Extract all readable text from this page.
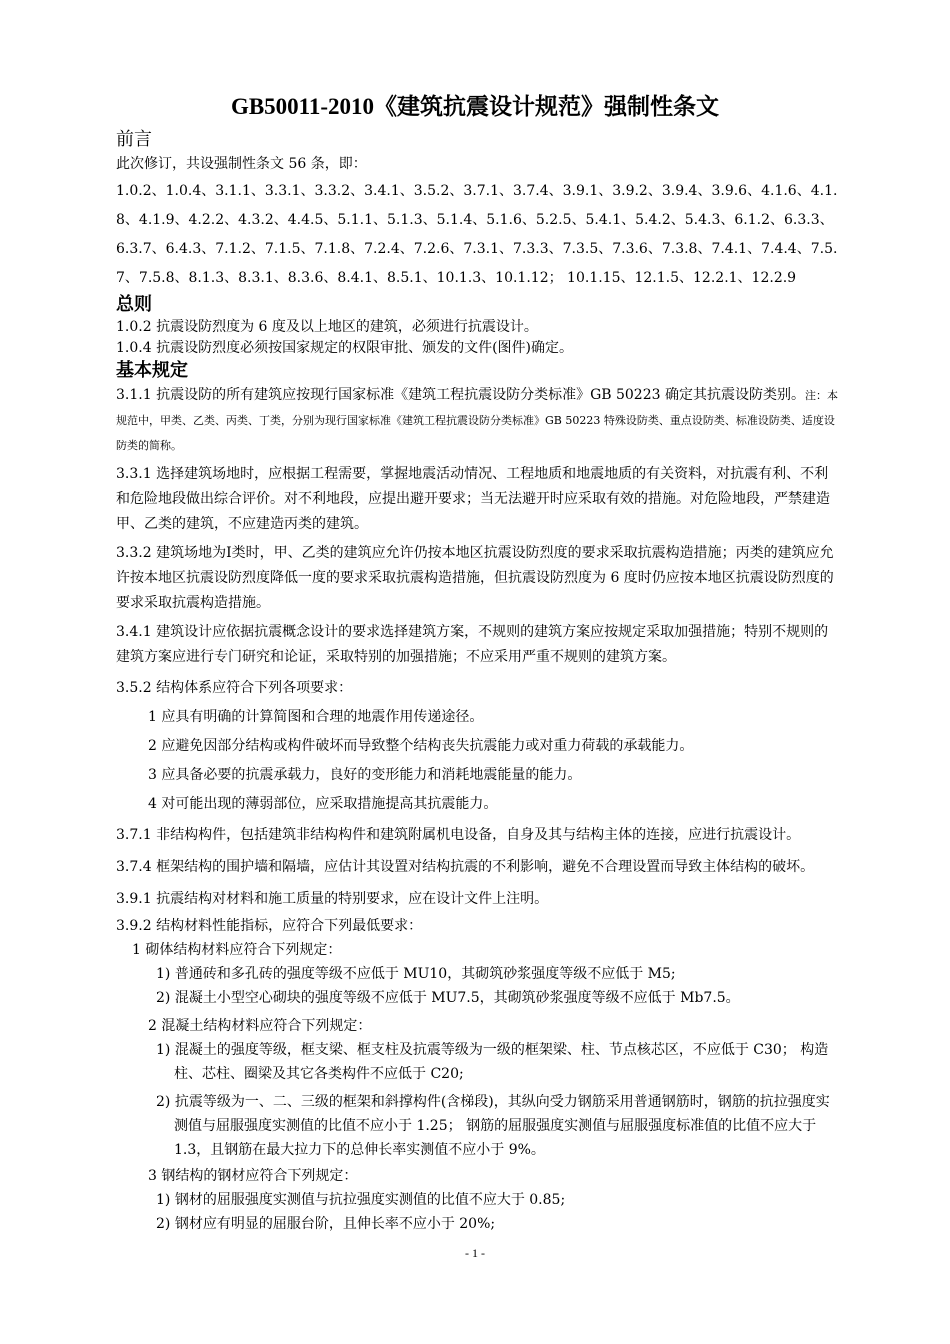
GB50011-2010《建筑抗震设计规范》强制性条文
前言

此次修订，共设强制性条文 56 条，即：

1.0.2、1.0.4、3.1.1、3.3.1、3.3.2、3.4.1、3.5.2、3.7.1、3.7.4、3.9.1、3.9.2、3.9.4、3.9.6、4.1.6、4.1.8、4.1.9、4.2.2、4.3.2、4.4.5、5.1.1、5.1.3、5.1.4、5.1.6、5.2.5、5.4.1、5.4.2、5.4.3、6.1.2、6.3.3、6.3.7、6.4.3、7.1.2、7.1.5、7.1.8、7.2.4、7.2.6、7.3.1、7.3.3、7.3.5、7.3.6、7.3.8、7.4.1、7.4.4、7.5.7、7.5.8、8.1.3、8.3.1、8.3.6、8.4.1、8.5.1、10.1.3、10.1.12； 10.1.15、12.1.5、12.2.1、12.2.9

总则

1.0.2 抗震设防烈度为 6 度及以上地区的建筑，必须进行抗震设计。

1.0.4 抗震设防烈度必须按国家规定的权限审批、颁发的文件(图件)确定。

基本规定

3.1.1 抗震设防的所有建筑应按现行国家标准《建筑工程抗震设防分类标准》GB 50223 确定其抗震设防类别。注：本规范中，甲类、乙类、丙类、丁类，分别为现行国家标准《建筑工程抗震设防分类标准》GB 50223 特殊设防类、重点设防类、标准设防类、适度设防类的简称。

3.3.1 选择建筑场地时，应根据工程需要，掌握地震活动情况、工程地质和地震地质的有关资料，对抗震有利、不利和危险地段做出综合评价。对不利地段，应提出避开要求；当无法避开时应采取有效的措施。对危险地段，严禁建造甲、乙类的建筑，不应建造丙类的建筑。

3.3.2 建筑场地为Ⅰ类时，甲、乙类的建筑应允许仍按本地区抗震设防烈度的要求采取抗震构造措施；丙类的建筑应允许按本地区抗震设防烈度降低一度的要求采取抗震构造措施，但抗震设防烈度为 6 度时仍应按本地区抗震设防烈度的要求采取抗震构造措施。

3.4.1 建筑设计应依据抗震概念设计的要求选择建筑方案，不规则的建筑方案应按规定采取加强措施；特别不规则的建筑方案应进行专门研究和论证，采取特别的加强措施；不应采用严重不规则的建筑方案。

3.5.2 结构体系应符合下列各项要求：

1 应具有明确的计算简图和合理的地震作用传递途径。

2 应避免因部分结构或构件破坏而导致整个结构丧失抗震能力或对重力荷载的承载能力。

3 应具备必要的抗震承载力，良好的变形能力和消耗地震能量的能力。

4 对可能出现的薄弱部位，应采取措施提高其抗震能力。

3.7.1 非结构构件，包括建筑非结构构件和建筑附属机电设备，自身及其与结构主体的连接，应进行抗震设计。

3.7.4 框架结构的围护墙和隔墙，应估计其设置对结构抗震的不利影响，避免不合理设置而导致主体结构的破坏。

3.9.1 抗震结构对材料和施工质量的特别要求，应在设计文件上注明。

3.9.2 结构材料性能指标，应符合下列最低要求：

1 砌体结构材料应符合下列规定：

1) 普通砖和多孔砖的强度等级不应低于 MU10，其砌筑砂浆强度等级不应低于 M5;

2) 混凝土小型空心砌块的强度等级不应低于 MU7.5，其砌筑砂浆强度等级不应低于 Mb7.5。

2 混凝土结构材料应符合下列规定：

1) 混凝土的强度等级，框支梁、框支柱及抗震等级为一级的框架梁、柱、节点核芯区，不应低于 C30； 构造柱、芯柱、圈梁及其它各类构件不应低于 C20;

2) 抗震等级为一、二、三级的框架和斜撑构件(含梯段)，其纵向受力钢筋采用普通钢筋时，钢筋的抗拉强度实测值与屈服强度实测值的比值不应小于 1.25； 钢筋的屈服强度实测值与屈服强度标准值的比值不应大于 1.3，且钢筋在最大拉力下的总伸长率实测值不应小于 9%。

3 钢结构的钢材应符合下列规定：

1) 钢材的屈服强度实测值与抗拉强度实测值的比值不应大于 0.85;

2) 钢材应有明显的屈服台阶，且伸长率不应小于 20%;

- 1 -
